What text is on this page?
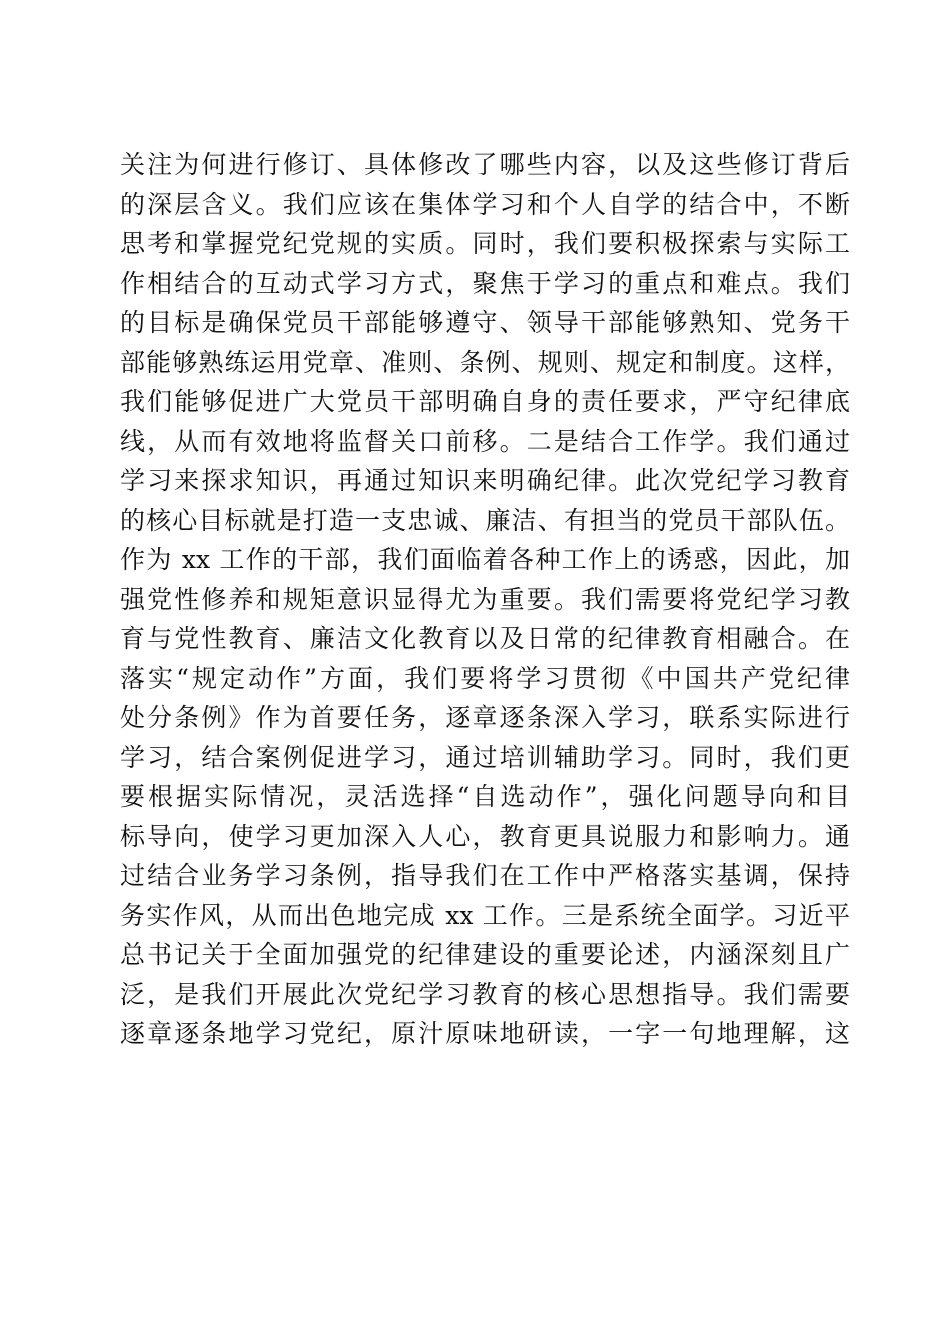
关注为何进行修订、具体修改了哪些内容，以及这些修订背后
的深层含义。我们应该在集体学习和个人自学的结合中，不断
思考和掌握党纪党规的实质。同时，我们要积极探索与实际工
作相结合的互动式学习方式，聚焦于学习的重点和难点。我们
的目标是确保党员干部能够遵守、领导干部能够熟知、党务干
部能够熟练运用党章、准则、条例、规则、规定和制度。这样，
我们能够促进广大党员干部明确自身的责任要求，严守纪律底
线，从而有效地将监督关口前移。二是结合工作学。我们通过
学习来探求知识，再通过知识来明确纪律。此次党纪学习教育
的核心目标就是打造一支忠诚、廉洁、有担当的党员干部队伍。
作为 xx 工作的干部，我们面临着各种工作上的诱惑，因此，加
强党性修养和规矩意识显得尤为重要。我们需要将党纪学习教
育与党性教育、廉洁文化教育以及日常的纪律教育相融合。在
落实“规定动作”方面，我们要将学习贯彻《中国共产党纪律
处分条例》作为首要任务，逐章逐条深入学习，联系实际进行
学习，结合案例促进学习，通过培训辅助学习。同时，我们更
要根据实际情况，灵活选择“自选动作”，强化问题导向和目
标导向，使学习更加深入人心，教育更具说服力和影响力。通
过结合业务学习条例，指导我们在工作中严格落实基调，保持
务实作风，从而出色地完成 xx 工作。三是系统全面学。习近平
总书记关于全面加强党的纪律建设的重要论述，内涵深刻且广
泛，是我们开展此次党纪学习教育的核心思想指导。我们需要
逐章逐条地学习党纪，原汁原味地研读，一字一句地理解，这
